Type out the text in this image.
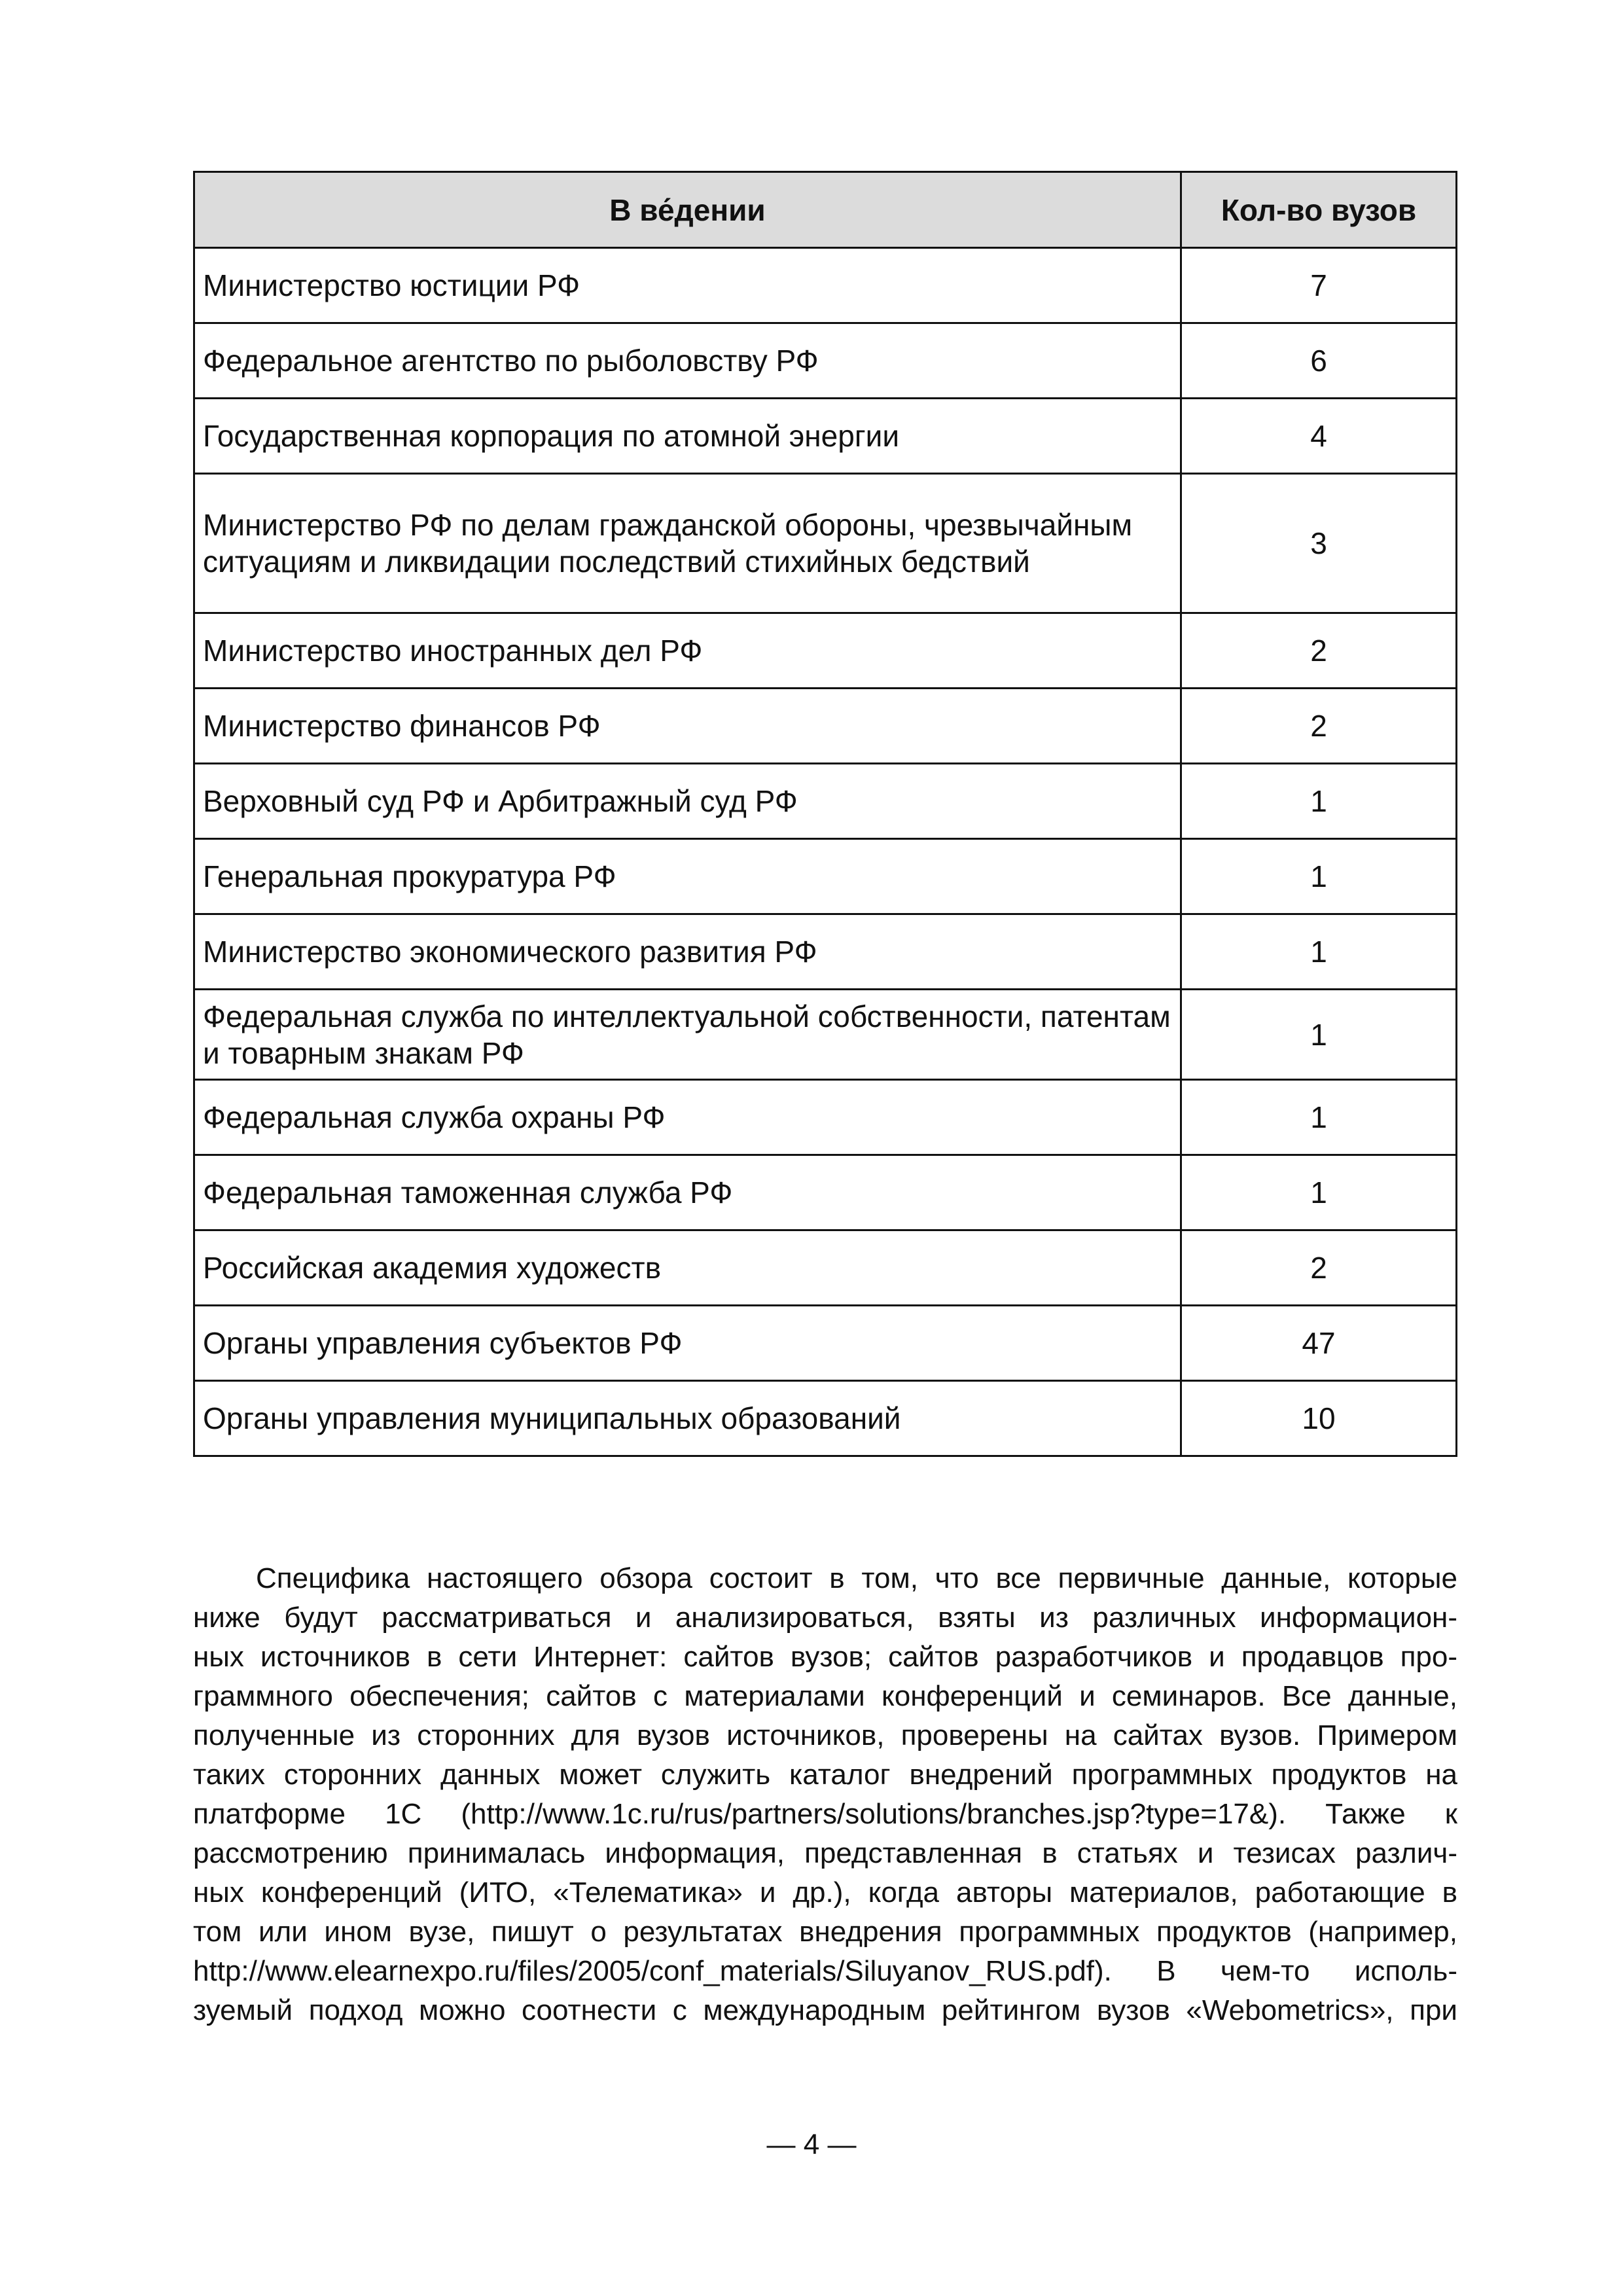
В ве́дении	Кол-во вузов
Министерство юстиции РФ	7
Федеральное агентство по рыболовству РФ	6
Государственная корпорация по атомной энергии	4
Министерство РФ по делам гражданской обороны, чрезвычайным ситуациям и ликвидации последствий стихийных бедствий	3
Министерство иностранных дел РФ	2
Министерство финансов РФ	2
Верховный суд РФ и Арбитражный суд РФ	1
Генеральная прокуратура РФ	1
Министерство экономического развития РФ	1
Федеральная служба по интеллектуальной собственности, патентам и товарным знакам РФ	1
Федеральная служба охраны РФ	1
Федеральная таможенная служба РФ	1
Российская академия художеств	2
Органы управления субъектов РФ	47
Органы управления муниципальных образований	10
Специфика настоящего обзора состоит в том, что все первичные данные, которые
ниже будут рассматриваться и анализироваться, взяты из различных информацион-
ных источников в сети Интернет: сайтов вузов; сайтов разработчиков и продавцов про-
граммного обеспечения; сайтов с материалами конференций и семинаров. Все данные,
полученные из сторонних для вузов источников, проверены на сайтах вузов. Примером
таких сторонних данных может служить каталог внедрений программных продуктов на
платформе 1С (http://www.1c.ru/rus/partners/solutions/branches.jsp?type=17&). Также к
рассмотрению принималась информация, представленная в статьях и тезисах различ-
ных конференций (ИТО, «Телематика» и др.), когда авторы материалов, работающие в
том или ином вузе, пишут о результатах внедрения программных продуктов (например,
http://www.elearnexpo.ru/files/2005/conf_materials/Siluyanov_RUS.pdf). В чем-то исполь-
зуемый подход можно соотнести с международным рейтингом вузов «Webometrics», при
— 4 —
